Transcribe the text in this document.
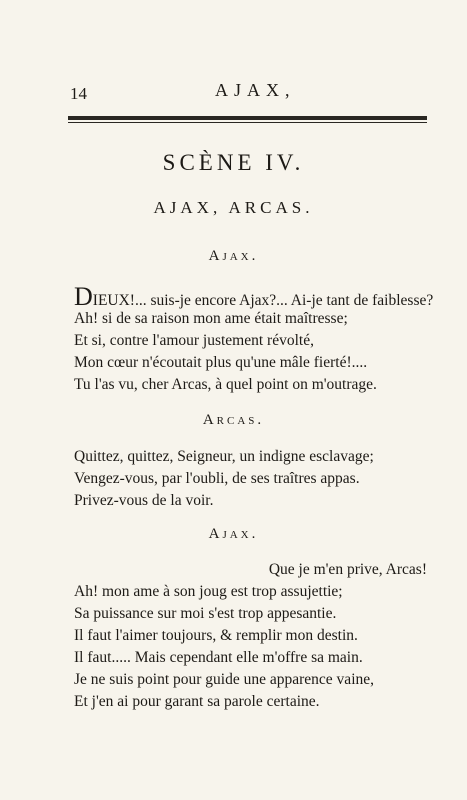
14	AJAX,
SCÈNE IV.
AJAX, ARCAS.
Ajax.
DIEUX!... suis-je encore Ajax?... Ai-je tant de faiblesse?
Ah! si de sa raison mon ame était maîtresse;
Et si, contre l'amour justement révolté,
Mon cœur n'écoutait plus qu'une mâle fierté!....
Tu l'as vu, cher Arcas, à quel point on m'outrage.
Arcas.
Quittez, quittez, Seigneur, un indigne esclavage;
Vengez-vous, par l'oubli, de ses traîtres appas.
Privez-vous de la voir.
Ajax.
Que je m'en prive, Arcas!
Ah! mon ame à son joug est trop assujettie;
Sa puissance sur moi s'est trop appesantie.
Il faut l'aimer toujours, & remplir mon destin.
Il faut..... Mais cependant elle m'offre sa main.
Je ne suis point pour guide une apparence vaine,
Et j'en ai pour garant sa parole certaine.
